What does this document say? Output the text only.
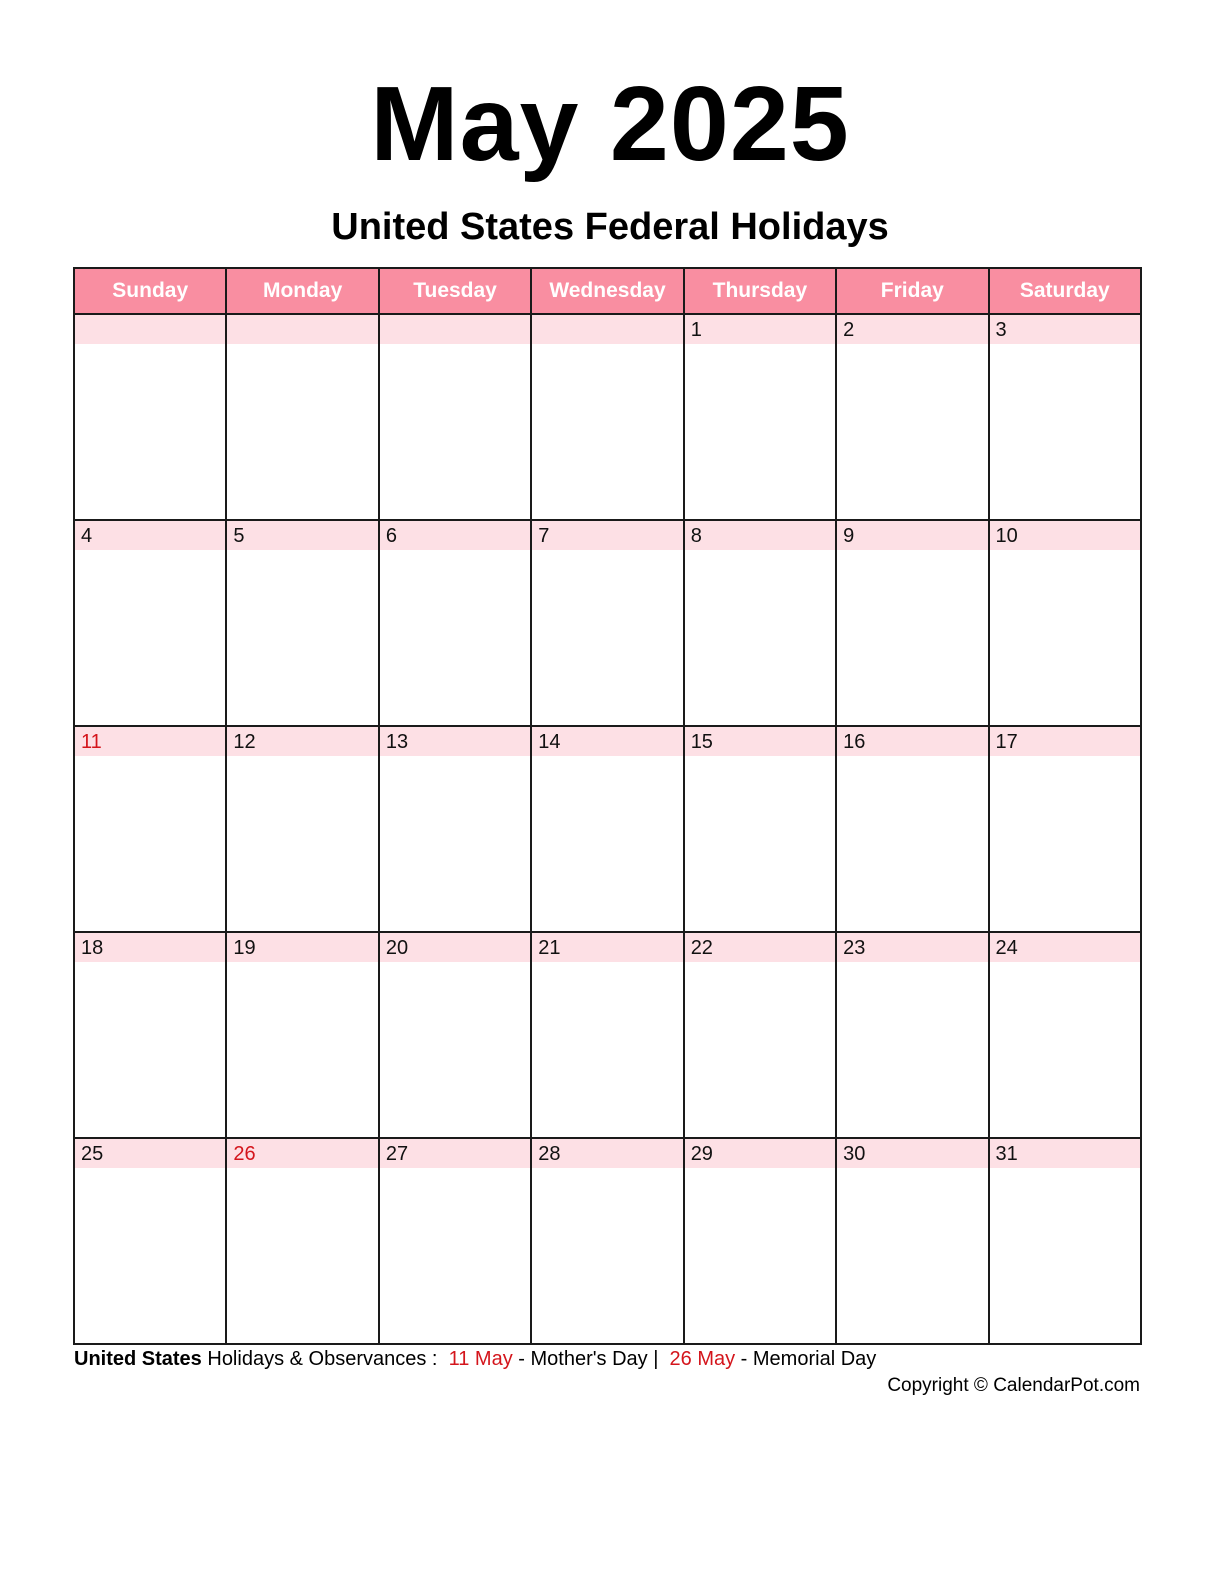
May 2025
United States Federal Holidays
Sunday	Monday	Tuesday	Wednesday	Thursday	Friday	Saturday

				1	2	3

4	5	6	7	8	9	10

11	12	13	14	15	16	17

18	19	20	21	22	23	24

25	26	27	28	29	30	31
United States Holidays & Observances :  11 May - Mother's Day |  26 May - Memorial Day
Copyright © CalendarPot.com
